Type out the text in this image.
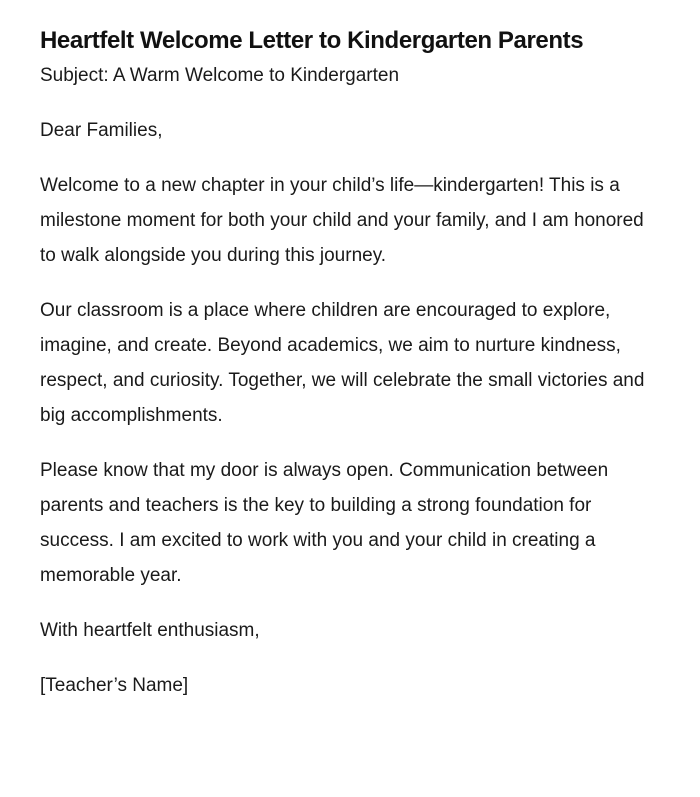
Heartfelt Welcome Letter to Kindergarten Parents

Subject: A Warm Welcome to Kindergarten

Dear Families,

Welcome to a new chapter in your child’s life—kindergarten! This is a milestone moment for both your child and your family, and I am honored to walk alongside you during this journey.

Our classroom is a place where children are encouraged to explore, imagine, and create. Beyond academics, we aim to nurture kindness, respect, and curiosity. Together, we will celebrate the small victories and big accomplishments.

Please know that my door is always open. Communication between parents and teachers is the key to building a strong foundation for success. I am excited to work with you and your child in creating a memorable year.

With heartfelt enthusiasm,

[Teacher’s Name]
